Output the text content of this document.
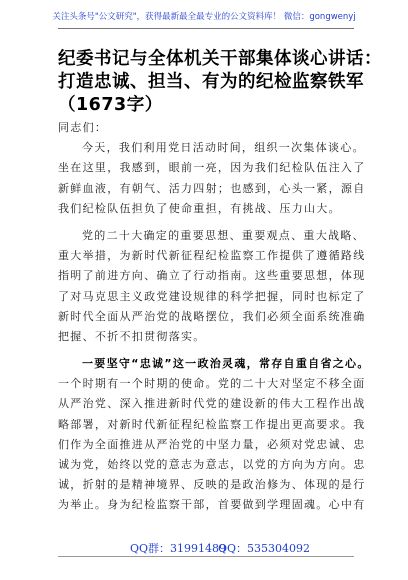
关注头条号"公文研究"，获得最新最全最专业的公文资料库！ 微信：gongwenyj
纪委书记与全体机关干部集体谈心讲话：
打造忠诚、担当、有为的纪检监察铁军
（1673字）
同志们：
今天，我们利用党日活动时间，组织一次集体谈心。
坐在这里，我感到，眼前一亮，因为我们纪检队伍注入了
新鲜血液，有朝气、活力四射；也感到，心头一紧，源自
我们纪检队伍担负了使命重担，有挑战、压力山大。
党的二十大确定的重要思想、重要观点、重大战略、
重大举措，为新时代新征程纪检监察工作提供了遵循路线
指明了前进方向、确立了行动指南。这些重要思想，体现
了对马克思主义政党建设规律的科学把握，同时也标定了
新时代全面从严治党的战略摆位，我们必须全面系统准确
把握、不折不扣贯彻落实。
一要坚守“忠诚”这一政治灵魂，常存自重自省之心。
一个时期有一个时期的使命。党的二十大对坚定不移全面
从严治党、深入推进新时代党的建设新的伟大工程作出战
略部署，对新时代新征程纪检监察工作提出更高要求。我
们作为全面推进从严治党的中坚力量，必须对党忠诚、忠
诚为党，始终以党的意志为意志，以党的方向为方向。忠
诚，折射的是精神境界、反映的是政治修为、体现的是行
为举止。身为纪检监察干部，首要做到学理固魂。心中有
QQ群：31991489
QQ：535304092
